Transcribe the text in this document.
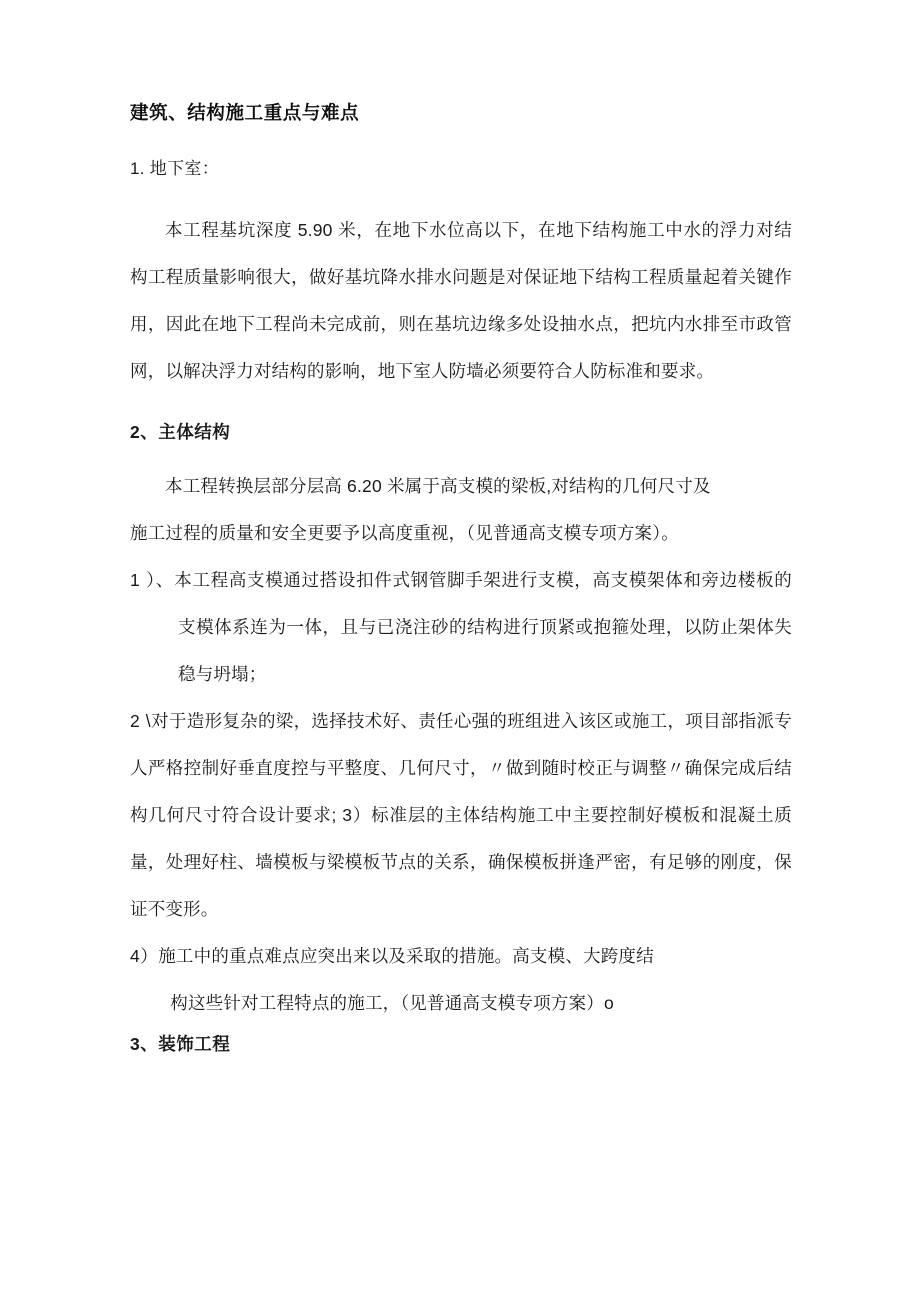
建筑、结构施工重点与难点
1. 地下室：

本工程基坑深度 5.90 米，在地下水位高以下，在地下结构施工中水的浮力对结构工程质量影响很大，做好基坑降水排水问题是对保证地下结构工程质量起着关键作用，因此在地下工程尚未完成前，则在基坑边缘多处设抽水点，把坑内水排至市政管网，以解决浮力对结构的影响，地下室人防墙必须要符合人防标准和要求。

2、主体结构

本工程转换层部分层高 6.20 米属于高支模的梁板,对结构的几何尺寸及

施工过程的质量和安全更要予以高度重视，（见普通高支模专项方案）。

1 ）、本工程高支模通过搭设扣件式钢管脚手架进行支模，高支模架体和旁边楼板的支模体系连为一体，且与已浇注砂的结构进行顶紧或抱箍处理，以防止架体失稳与坍塌；

2 \对于造形复杂的梁，选择技术好、责任心强的班组进入该区或施工，项目部指派专人严格控制好垂直度控与平整度、几何尺寸，〃做到随时校正与调整〃确保完成后结构几何尺寸符合设计要求; 3）标准层的主体结构施工中主要控制好模板和混凝土质量，处理好柱、墙模板与梁模板节点的关系，确保模板拼逢严密，有足够的刚度，保证不变形。

4）施工中的重点难点应突出来以及采取的措施。高支模、大跨度结

构这些针对工程特点的施工，（见普通高支模专项方案）o

3、装饰工程
